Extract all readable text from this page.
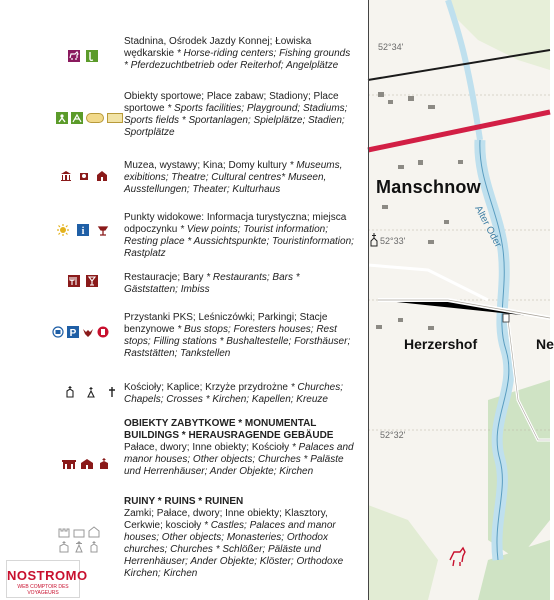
Stadnina, Ośrodek Jazdy Konnej; Łowiska wędkarskie * Horse-riding centers; Fishing grounds * Pferdezuchtbetrieb oder Reiterhof; Angelplätze
Obiekty sportowe; Place zabaw; Stadiony; Place sportowe * Sports facilities; Playground; Stadiums; Sports fields * Sportanlagen; Spielplätze; Stadien; Sportplätze
Muzea, wystawy; Kina; Domy kultury * Museums, exibitions; Theatre; Cultural centres* Museen, Ausstellungen; Theater; Kulturhaus
i
Punkty widokowe: Informacja turystyczna; miejsca odpoczynku * View points; Tourist information; Resting place * Aussichtspunkte; Touristinformation; Rastplatz
Restauracje; Bary * Restaurants; Bars * Gäststatten; Imbiss
P
Przystanki PKS; Leśniczówki; Parkingi; Stacje benzynowe * Bus stops; Foresters houses; Rest stops; Filling stations * Bushaltestelle; Forsthäuser; Raststätten; Tankstellen
Kościoły; Kaplice; Krzyże przydrożne * Churches; Chapels; Crosses * Kirchen; Kapellen; Kreuze
OBIEKTY ZABYTKOWE * MONUMENTAL BUILDINGS * HERAUSRAGENDE GEBÄUDE
Pałace, dwory; Inne obiekty; Kościoły * Palaces and manor houses; Other objects; Churches * Paläste und Herrenhäuser; Ander Objekte; Kirchen
RUINY * RUINS * RUINEN
Zamki; Pałace, dwory; Inne obiekty; Klasztory, Cerkwie; koscioły * Castles; Palaces and manor houses; Other objects; Monasteries; Orthodox churches; Churches * Schlößer; Päläste und Herrenhäuser; Ander Objekte; Klöster; Orthodoxe Kirchen; Kirchen
NOSTROMO
WEB COMPTOIR DES VOYAGEURS
Manschnow
Herzershof	Ne
Alter Oder
52°34'
52°33'
52°32'
